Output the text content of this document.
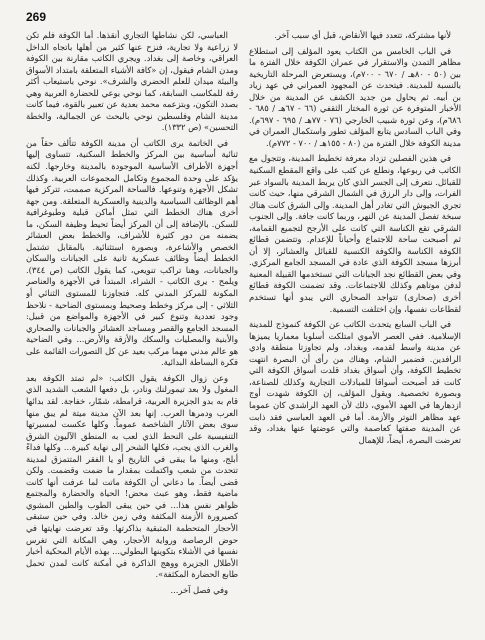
269

لأنها مشتركة، تتعدد فيها الأنقاض، قبل أي سبب آخر.

في الباب الخامس من الكتاب يعود المؤلف إلى استطلاع مظاهر التمدن والاستقرار في عمران الكوفة خلال الفترة ما بين (٥٠ - ٨٠هـ / ٦٧٠ - ٧٠٠م)، ويستعرض المرحلة التاريخية بالنسبة للمدينة. فيتحدث عن المجهود العمراني في عهد زياد بن أبيه. ثم يحاول من جديد الكشف عن المدينة من خلال الأخبار المتوفرة عن ثورة المختار الثقفي (٦٦ - ٦٧هـ / ٦٨٥ - ٦٨٦م)، وعن ثورة شبيب الخارجي (٧٦ - ٧٧هـ / ٦٩٥ - ٦٩٧م). وفي الباب السادس يتابع المؤلف تطور واستكمال العمران في مدينة الكوفة خلال الفترة من (٨٠ - ١٥٥هـ / ٧٠٠ - ٧٧٢م).

في هذين الفصلين تزداد معرفة تخطيط المدينة، وتتجول مع الكاتب في ربوعها، ونطلع عن كثب على واقع المقطع السكنية للقبائل. نتعرف إلى الجسر الذي كان يربط المدينة بالسواد عبر الفرات، وإلى دار الرزق في الشمال الشرقي منها، حيث كانت تجري الجيوش التي تغادر أهل المدينة. وإلى الشرق كانت هناك سبخة تفصل المدينة عن النهر، وربما كانت جافة. وإلى الجنوب الشرقي تقع الكناسة التي كانت على الأرجح لتجميع القمامة، ثم أصبحت ساحة للاجتماع وأحياناً للإعدام. وتتضمن قطائع الكوفة الكناسة والكوفة الكنسية للقبائل والعشائر، إلا أن أبرزها مسجد الكوفة الذي عادة في المسجد الجامع المركزي. وفي بعض القطائع نجد الجبانات التي تستخدمها القبيلة المعنية لدفن موتاهم وكذلك للاجتماعات. وقد تضمنت الكوفة قطائع أخرى (صحارى) تتواجد الصحاري التي يبدو أنها تستخدم لقطاعات نفسها، وإن اختلفت التسمية.

في الباب السابع يتحدث الكاتب عن الكوفة كنموذج للمدينة الإسلامية. ففي العصر الأموي امتلكت أسلوبا معماريا يميزها عن مدينة واسط لقدمه، وبغداد، ولم تجاوزتا منطقة وادي الرافدين. فضمير الشام، وهناك من رأى أن البصرة انتهت تخطيط الكوفة، وأن أسواق بغداد قلدت أسواق الكوفة التي كانت قد أصبحت أسواقا للمبادلات التجارية وكذلك للصناعة، وبصورة تخصصية. ويقول المؤلف، إن الكوفة شهدت أوج ازدهارها في العهد الأموي، ذلك لأن العهد الراشدي كان عموما عهد مظاهر التوتر والأزمة. أما في العهد العباسي فقد ذابت عن المدينة صفتها كعاصمة والتي عوضتها عنها بغداد، وقد تعرضت البصرة، أيضاً، للإهمال

العباسي، لكن نشاطها التجاري أنقذها. أما الكوفة فلم تكن لا زراعية ولا تجارية، فنزح عنها كثير من أهلها باتجاه الداخل العراقي، وخاصة إلى بغداد. ويجري الكاتب مقارنة بين الكوفة ومدن الشام فيقول، إن «كافة الأشياء المتعلقة بامتداد الأسواق والبيئة ميدان للعلم الحضري والشرف». نوحي باستيعاب أكثر رقة للمكاسب السابقة، كما نوحي بوعي للحضارة العربية وهي بصدد التكون، وبتزعمه محمد بعدية عن تعبير بالقوة، فيما كانت مدينة الشام وفلسطين نوحي بالبحث عن الجمالية، والخطة التحسين» (ص ١٣٣٢).

في الخاتمة يرى الكاتب أن مدينة الكوفة تتألف حقاً من ثنائية أساسية بين المركز والخطط السكنية، تتساوى إليها أجهزة الأطراف الأساسية الموجودة بالمدينة وخارجها. لكنه يؤكد على وحدة المجموع وتكامل المجموعات العربية. وكذلك تشكل الأجهزة وتنوعها. فالساحة المركزية صممت، تتركز فيها أهم الوظائف السياسية والدينية والعسكرية المتعلقة. ومن جهة أخرى هناك الخطط التي تمثل أماكن قبلية وطبوغرافية للسكن. بالإضافة إلى أن المركز أيضاً تحيط وظيفة السكن، ما يضمنه من دور كثيرة للأشراف، والخطط بعض العشائر الخصص والأشاعرة، وبصورة استثنائية. بالمقابل تشتمل الخطط أيضاً وظائف عسكرية ثانية على الجبانات والسكان والجبانات، وهنا تراكب تنويعي، كما يقول الكاتب (ص ٣٤٤). ويلمح - يرى الكاتب - الشراء، المبتدأ في الأجهزة والعناصر المكونة للمركز المدني كله. فتجاوزنا للمستوى الثنائي أو الثلاثي - إلى مركز وخطط وصحيط وبمستوى الضاحية - نلاحظ وجود تعددية وتنوع كبير في الأجهزة والمواضع من قبيل: المسجد الجامع والقصر ومساجد العشائر والجبانات والصحاري والأبنية والمصليات والسكك والأزقة والأرض... وفي الضاحية هو عالم مدني مهما مركب بعيد عن كل التصورات القائمة على فكرة البساطة البدائية.

وعن زوال الكوفة يقول الكاتب: «لم تمتد الكوفة بعد المغول ولا بعد تيمورلنك ونادر، بل دفعها الشعب الشديد الذي قام به بدو الجزيرة العربية، قرامطة، شمّار، خفاجة. لقد بدائها العرب ودمرها العرب. إنها بعد الآن مدينة ميتة لم يبق منها سوى بعض الآثار الشاخصة عموماً. وكلها عكست لمسيرتها التنفيسية على النحط الذي لعب به المنطق الآليون الشرق والغرب الذي يجب، فكلها الشحر إلى نهاية كبيرة... وكلها فداءً أبلج، ومنها ما يبقى في التاريخ أو يا الفقر المتتمزق لمدينة تتحدث من شعب واكتملت بمقدار ما ضمت وقضمت. ولكن قضى أيضاً. ما دعاني أن الكوفة ماتت لما عرفت أنها كانت ماضية فقط، وهو عبث محض! الحياة والحضارة والمجتمع ظواهر نفس هذا... في حين يبقى الطوب والطين المشوي كصيرورة الأزمنة المكثفة وفي زمن خالد. وفي حين ستبقى الأحجار المتحطمة المتبقية بذاكرتها. وقد تعرضت نهايتها في حوض الرصاصة ورواية الأحجار، وهي المكانة التي تغرس نفسها في الأشلاء بتكوينها البطولي... بهذه الأيام المحكية أخبار الأطلال الجزيرة ووهج الذاكرة في أمكنة كانت لمدن تحمل طابع الحضارة المكثفة».

وفي فصل آخر...
